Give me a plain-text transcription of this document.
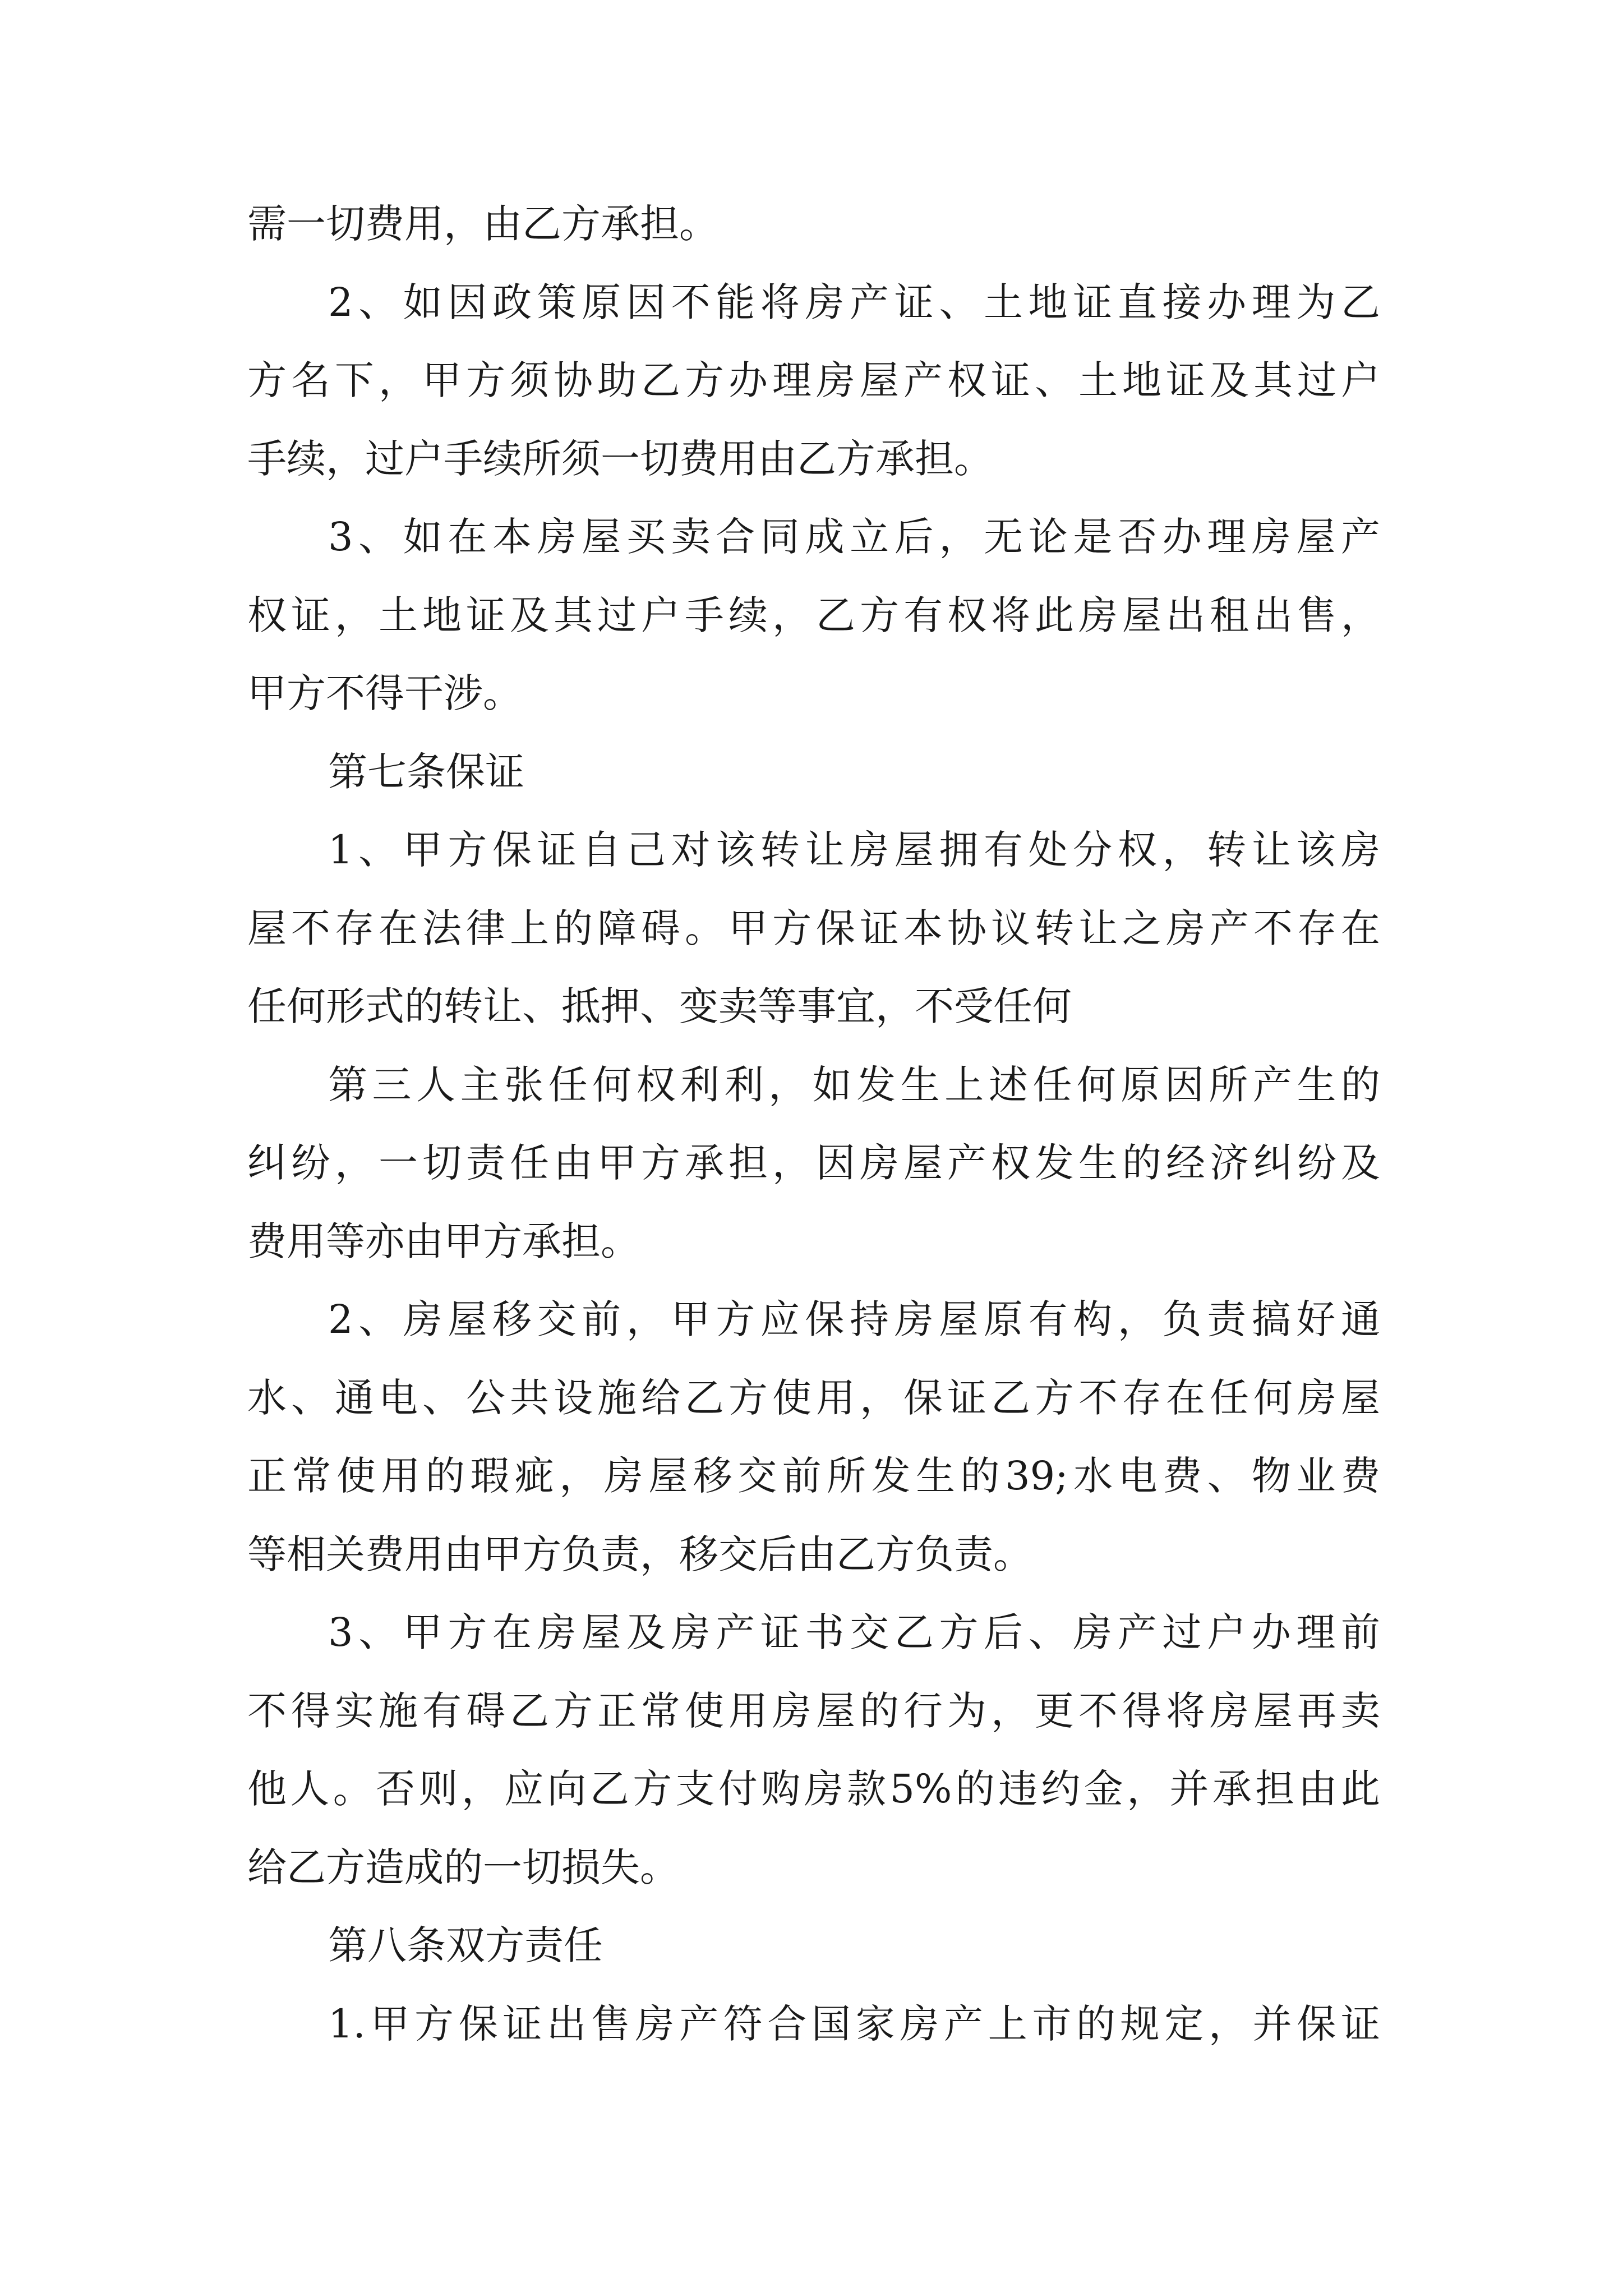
需一切费用，由乙方承担。
2、如因政策原因不能将房产证、土地证直接办理为乙
方名下，甲方须协助乙方办理房屋产权证、土地证及其过户
手续，过户手续所须一切费用由乙方承担。
3、如在本房屋买卖合同成立后，无论是否办理房屋产
权证，土地证及其过户手续，乙方有权将此房屋出租出售，
甲方不得干涉。
第七条保证
1、甲方保证自己对该转让房屋拥有处分权，转让该房
屋不存在法律上的障碍。甲方保证本协议转让之房产不存在
任何形式的转让、抵押、变卖等事宜，不受任何
第三人主张任何权利利，如发生上述任何原因所产生的
纠纷，一切责任由甲方承担，因房屋产权发生的经济纠纷及
费用等亦由甲方承担。
2、房屋移交前，甲方应保持房屋原有构，负责搞好通
水、通电、公共设施给乙方使用，保证乙方不存在任何房屋
正常使用的瑕疵，房屋移交前所发生的39;水电费、物业费
等相关费用由甲方负责，移交后由乙方负责。
3、甲方在房屋及房产证书交乙方后、房产过户办理前
不得实施有碍乙方正常使用房屋的行为，更不得将房屋再卖
他人。否则，应向乙方支付购房款5%的违约金，并承担由此
给乙方造成的一切损失。
第八条双方责任
1.甲方保证出售房产符合国家房产上市的规定，并保证
